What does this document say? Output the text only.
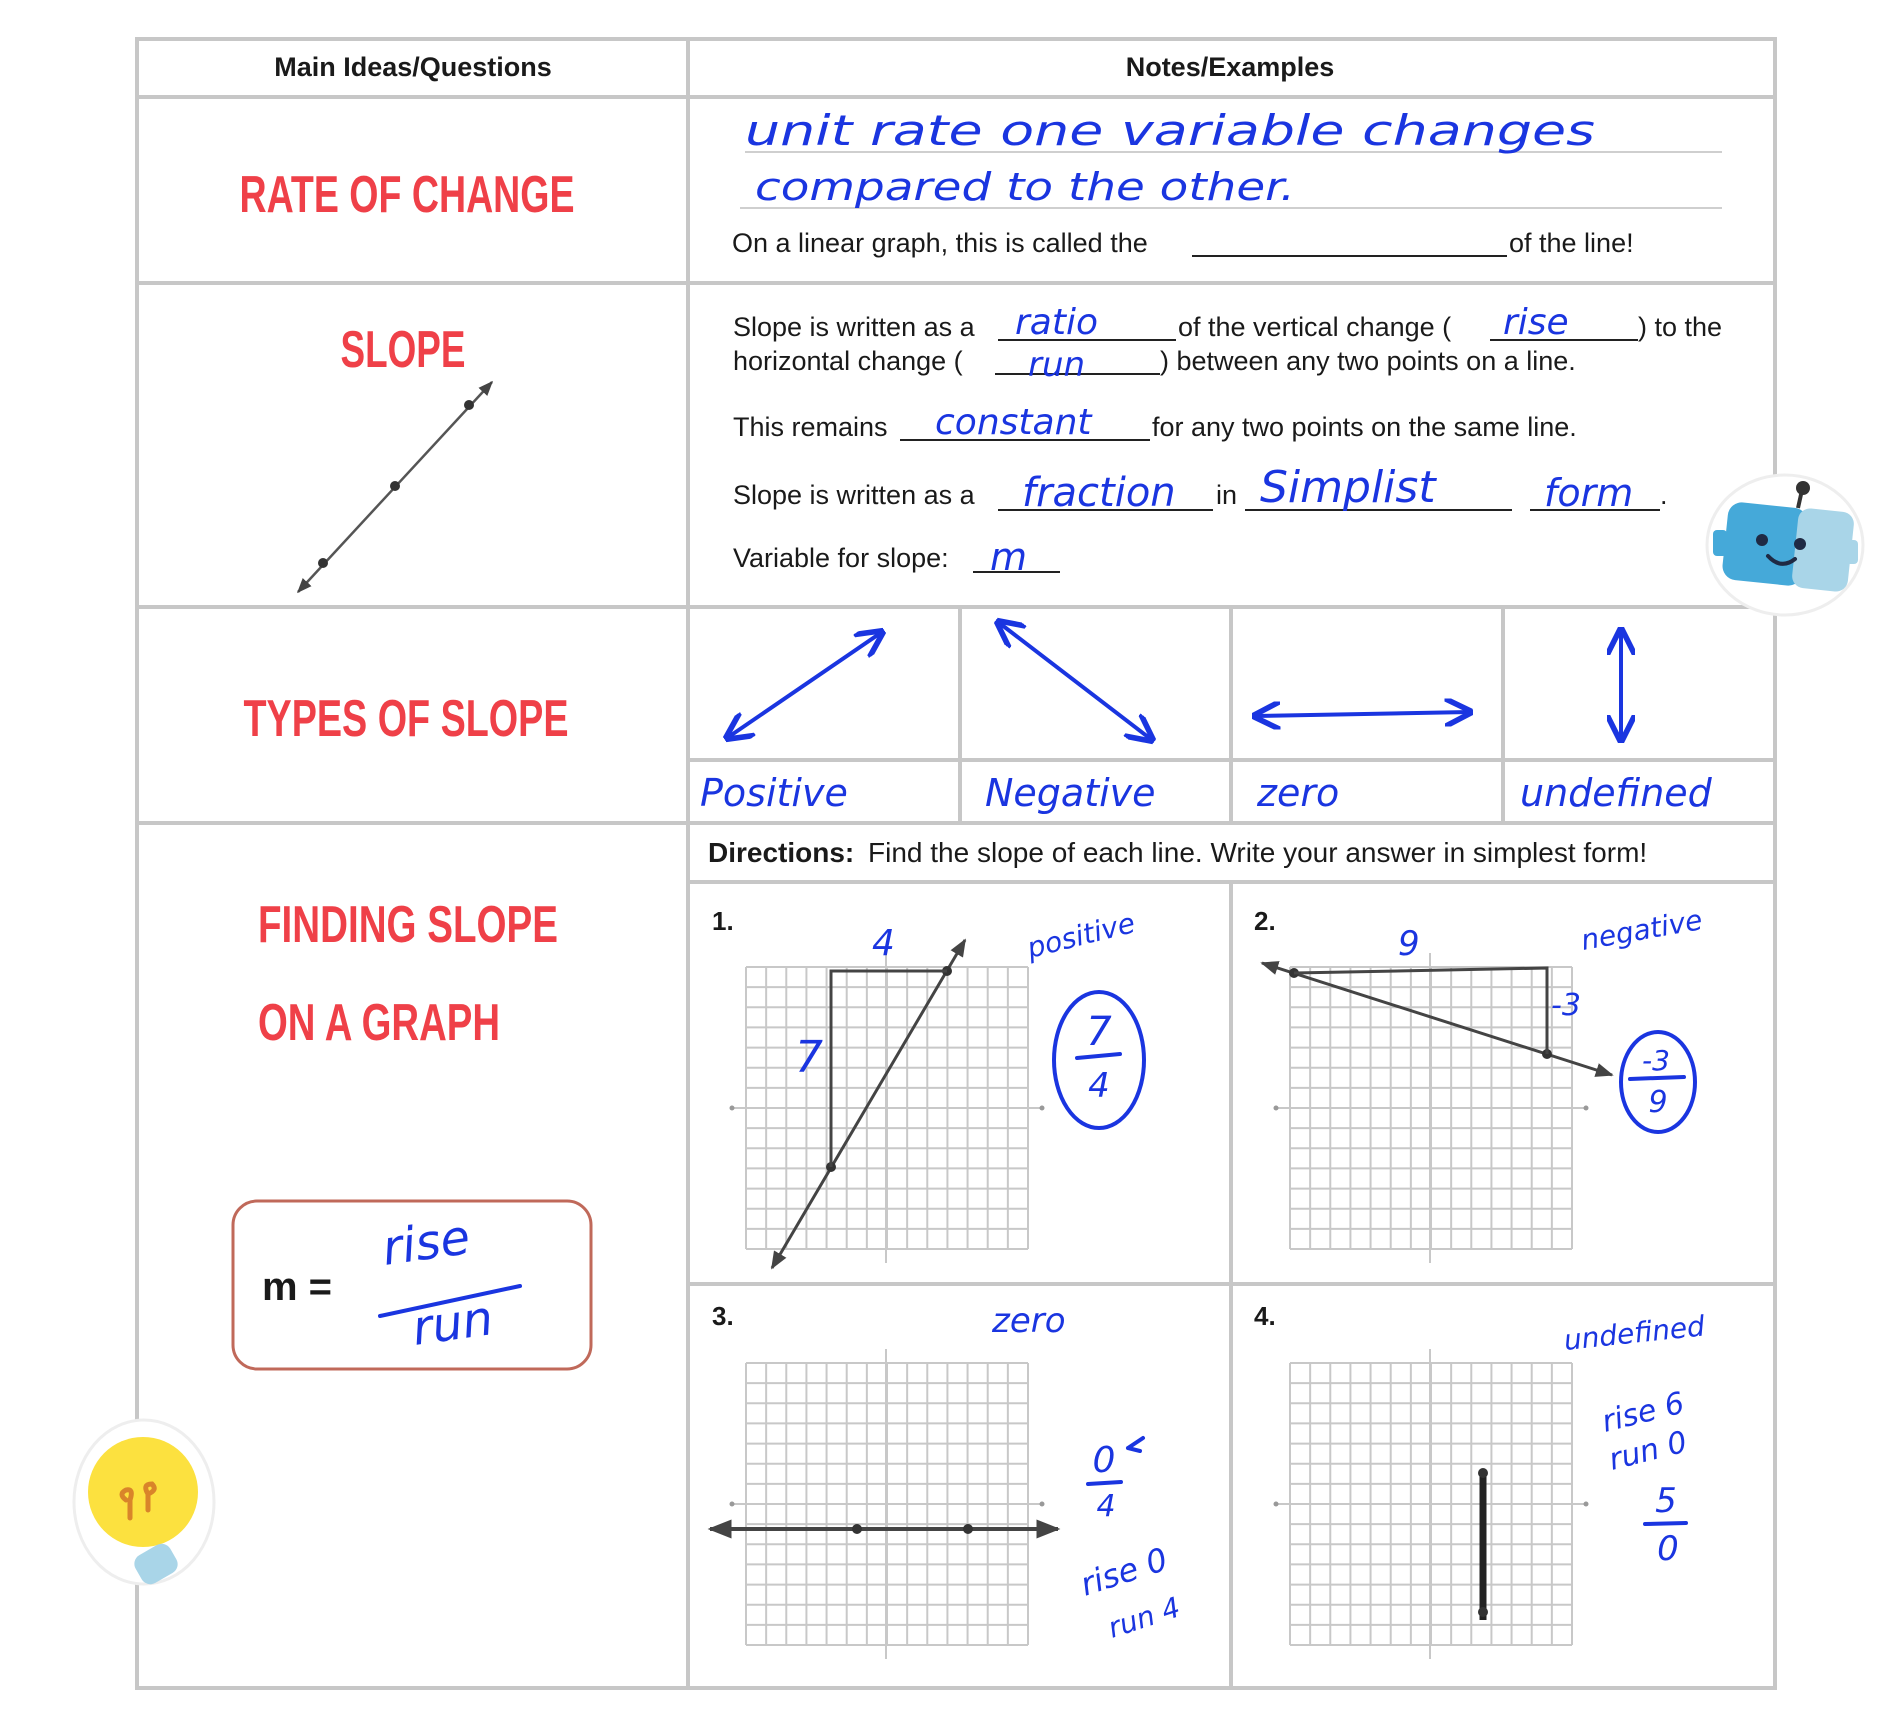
Main Ideas/Questions	Notes/Examples
RATE OF CHANGE
unit rate one variable changes
compared to the other.
On a linear graph, this is called the	of the line!
SLOPE	Slope is written as a ratio	of the vertical change ( rise	) to the
horizontal change ( run	) between any two points on a line.
This remains constant for any two points on the same line.
Slope is written as a fraction in Simplist	form .
Variable for slope: m
TYPES OF SLOPE
Positive	Negative	zero	undefined
FINDING SLOPE
ON A GRAPH
m =
rise
run
Directions: Find the slope of each line. Write your answer in simplest form!
1.
4
7
positive
7
4
2.
9
-3
negative
-3
9
3.	zero
0
4
rise 0
run 4
4.	undefined
rise 6
run 0
5
0
